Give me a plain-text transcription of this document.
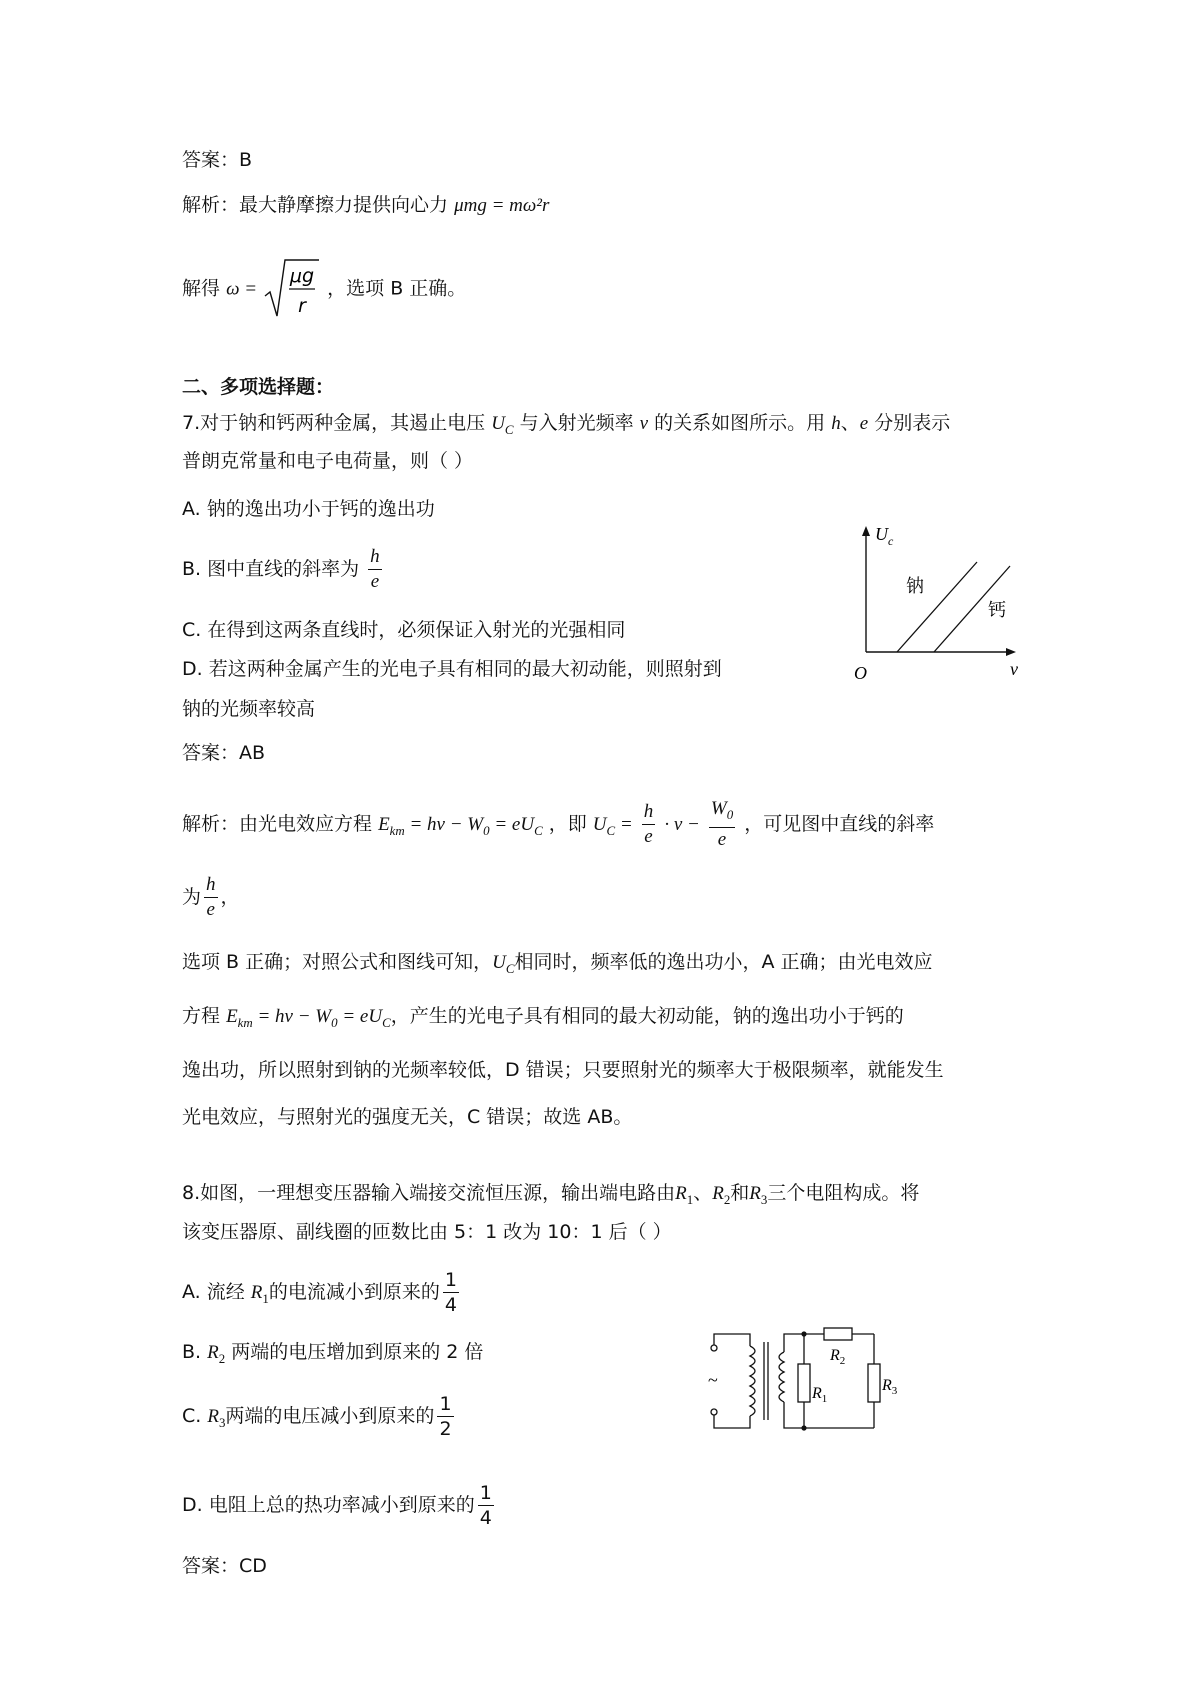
答案：B
解析：最大静摩擦力提供向心力 μmg = mω²r
解得 ω =
μg
r
，选项 B 正确。
二、多项选择题：
7.对于钠和钙两种金属，其遏止电压 $U_C$ 与入射光频率 ν 的关系如图所示。用 h、e 分别表示
普朗克常量和电子电荷量，则（ ）
A. 钠的逸出功小于钙的逸出功
B. 图中直线的斜率为 $\frac{h}{e}$
C. 在得到这两条直线时，必须保证入射光的光强相同
D. 若这两种金属产生的光电子具有相同的最大初动能，则照射到
钠的光频率较高
$U_c$
ν
O
钠
钙
答案：AB
解析：由光电效应方程 $E_{km} = h\nu - W_0 = eU_C$ ，即 $U_C = \frac{h}{e} \cdot \nu - \frac{W_0}{e}$ ，可见图中直线的斜率
为 $\frac{h}{e}$ ，
选项 B 正确；对照公式和图线可知，$U_C$相同时，频率低的逸出功小，A 正确；由光电效应
方程 $E_{km} = h\nu - W_0 = eU_C$，产生的光电子具有相同的最大初动能，钠的逸出功小于钙的
逸出功，所以照射到钠的光频率较低，D 错误；只要照射光的频率大于极限频率，就能发生
光电效应，与照射光的强度无关，C 错误；故选 AB。
8.如图，一理想变压器输入端接交流恒压源，输出端电路由$R_1$、$R_2$和$R_3$三个电阻构成。将
该变压器原、副线圈的匝数比由 5：1 改为 10：1 后（ ）
A. 流经 $R_1$的电流减小到原来的 $\frac{1}{4}$
B. $R_2$ 两端的电压增加到原来的 2 倍
C. $R_3$两端的电压减小到原来的 $\frac{1}{2}$
D. 电阻上总的热功率减小到原来的 $\frac{1}{4}$
答案：CD
~
$R_1$
$R_2$
$R_3$
